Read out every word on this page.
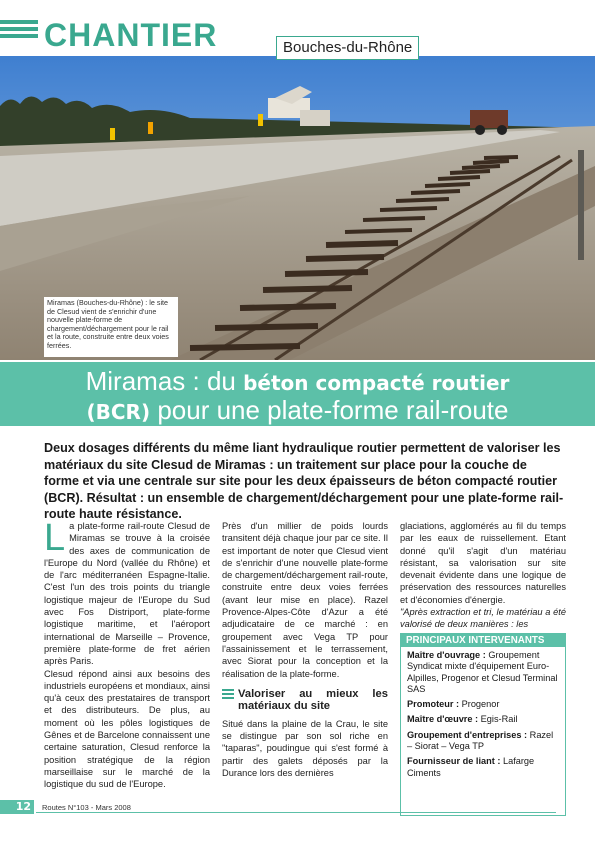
CHANTIER	Bouches-du-Rhône
Miramas (Bouches-du-Rhône) : le site de Clesud vient de s'enrichir d'une nouvelle plate-forme de chargement/déchargement pour le rail et la route, construite entre deux voies ferrées.
Miramas : du béton compacté routier
(BCR) pour une plate-forme rail-route
Deux dosages différents du même liant hydraulique routier permettent de valoriser les matériaux du site Clesud de Miramas : un traitement sur place pour la couche de forme et via une centrale sur site pour les deux épaisseurs de béton compacté routier (BCR). Résultat : un ensemble de chargement/déchargement pour une plate-forme rail-route haute résistance.
L a plate-forme rail-route Clesud de Miramas se trouve à la croisée des axes de communication de l'Europe du Nord (vallée du Rhône) et de l'arc méditerranéen Espagne-Italie. C'est l'un des trois points du triangle logistique majeur de l'Europe du Sud avec Fos Distriport, plate-forme logistique maritime, et l'aéroport international de Marseille – Provence, première plate-forme de fret aérien après Paris.

Clesud répond ainsi aux besoins des industriels européens et mondiaux, ainsi qu'à ceux des prestataires de transport et des distributeurs. De plus, au moment où les pôles logistiques de Gênes et de Barcelone connaissent une certaine saturation, Clesud renforce la position stratégique de la région marseillaise sur le marché de la logistique du sud de l'Europe.

Près d'un millier de poids lourds transitent déjà chaque jour par ce site. Il est important de noter que Clesud vient de s'enrichir d'une nouvelle plate-forme de chargement/déchargement rail-route, construite entre deux voies ferrées (avant leur mise en place). Razel Provence-Alpes-Côte d'Azur a été adjudicataire de ce marché : en groupement avec Vega TP pour l'assainissement et le terrassement, avec Siorat pour la conception et la réalisation de la plate-forme.

Valoriser au mieux les matériaux du site

Situé dans la plaine de la Crau, le site se distingue par son sol riche en "taparas", poudingue qui s'est formé à partir des galets déposés par la Durance lors des dernières

glaciations, agglomérés au fil du temps par les eaux de ruissellement. Etant donné qu'il s'agit d'un matériau résistant, sa valorisation sur site devenait évidente dans une logique de préservation des ressources naturelles et d'économies d'énergie.

"Après extraction et tri, le matériau a été valorisé de deux manières : les

PRINCIPAUX INTERVENANTS
Maître d'ouvrage : Groupement Syndicat mixte d'équipement Euro-Alpilles, Progenor et Clesud Terminal SAS
Promoteur : Progenor
Maître d'œuvre : Egis-Rail
Groupement d'entreprises : Razel – Siorat – Vega TP
Fournisseur de liant : Lafarge Ciments
12	Routes N°103 - Mars 2008
